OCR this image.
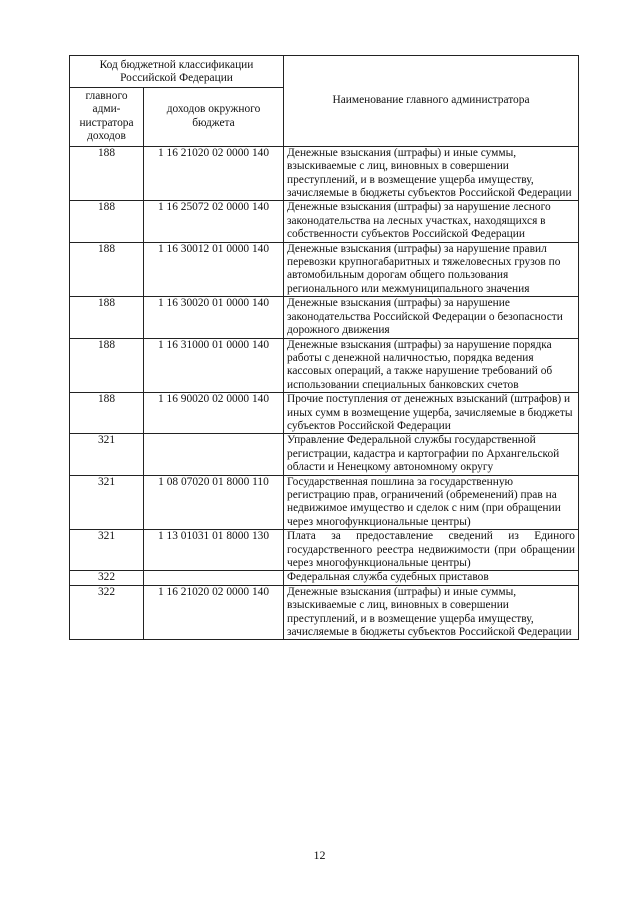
Код бюджетной классификации Российской Федерации		Наименование главного администратора
главного адми-нистратора доходов	доходов окружного бюджета	
188	1 16 21020 02 0000 140	Денежные взыскания (штрафы) и иные суммы, взыскиваемые с лиц, виновных в совершении преступлений, и в возмещение ущерба имуществу, зачисляемые в бюджеты субъектов Российской Федерации
188	1 16 25072 02 0000 140	Денежные взыскания (штрафы) за нарушение лесного законодательства на лесных участках, находящихся в собственности субъектов Российской Федерации
188	1 16 30012 01 0000 140	Денежные взыскания (штрафы) за нарушение правил перевозки крупногабаритных и тяжеловесных грузов по автомобильным дорогам общего пользования регионального или межмуниципального значения
188	1 16 30020 01 0000 140	Денежные взыскания (штрафы) за нарушение законодательства Российской Федерации о безопасности дорожного движения
188	1 16 31000 01 0000 140	Денежные взыскания (штрафы) за нарушение порядка работы с денежной наличностью, порядка ведения кассовых операций, а также нарушение требований об использовании специальных банковских счетов
188	1 16 90020 02 0000 140	Прочие поступления от денежных взысканий (штрафов) и иных сумм в возмещение ущерба, зачисляемые в бюджеты субъектов Российской Федерации
321		Управление Федеральной службы государственной регистрации, кадастра и картографии по Архангельской области и Ненецкому автономному округу
321	1 08 07020 01 8000 110	Государственная пошлина за государственную регистрацию прав, ограничений (обременений) прав на недвижимое имущество и сделок с ним (при обращении через многофункциональные центры)
321	1 13 01031 01 8000 130	Плата за предоставление сведений из Единого государственного реестра недвижимости (при обращении через многофункциональные центры)
322		Федеральная служба судебных приставов
322	1 16 21020 02 0000 140	Денежные взыскания (штрафы) и иные суммы, взыскиваемые с лиц, виновных в совершении преступлений, и в возмещение ущерба имуществу, зачисляемые в бюджеты субъектов Российской Федерации
12
